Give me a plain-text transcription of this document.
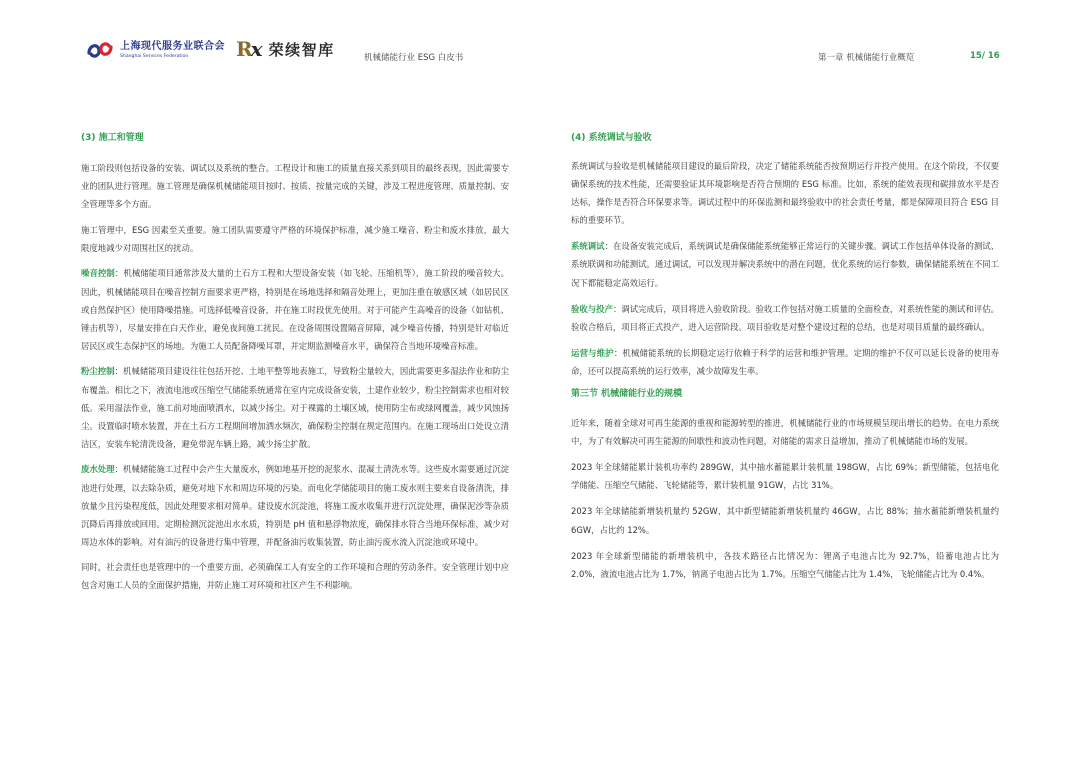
上海现代服务业联合会
Shanghai Services Federation	Rx 荣续智库	机械储能行业 ESG 白皮书	第一章 机械储能行业概览	15/ 16
(3) 施工和管理

施工阶段则包括设备的安装、调试以及系统的整合。工程设计和施工的质量直接关系到项目的最终表现，因此需要专业的团队进行管理。施工管理是确保机械储能项目按时、按质、按量完成的关键，涉及工程进度管理、质量控制、安全管理等多个方面。

施工管理中，ESG 因素至关重要。施工团队需要遵守严格的环境保护标准，减少施工噪音、粉尘和废水排放，最大限度地减少对周围社区的扰动。

噪音控制：机械储能项目通常涉及大量的土石方工程和大型设备安装（如飞轮、压缩机等），施工阶段的噪音较大。因此，机械储能项目在噪音控制方面要求更严格，特别是在场地选择和隔音处理上，更加注重在敏感区域（如居民区或自然保护区）使用降噪措施。可选择低噪音设备，并在施工时段优先使用。对于可能产生高噪音的设备（如钻机、锤击机等），尽量安排在白天作业，避免夜间施工扰民。在设备周围设置隔音屏障，减少噪音传播，特别是针对临近居民区或生态保护区的场地。为施工人员配备降噪耳罩，并定期监测噪音水平，确保符合当地环境噪音标准。

粉尘控制：机械储能项目建设往往包括开挖、土地平整等地表施工，导致粉尘量较大，因此需要更多湿法作业和防尘布覆盖。相比之下，液流电池或压缩空气储能系统通常在室内完成设备安装，土建作业较少，粉尘控制需求也相对较低。采用湿法作业，施工前对地面喷洒水，以减少扬尘。对于裸露的土壤区域，使用防尘布或绿网覆盖，减少风蚀扬尘。设置临时喷水装置，并在土石方工程期间增加洒水频次，确保粉尘控制在规定范围内。在施工现场出口处设立清洁区，安装车轮清洗设备，避免带泥车辆上路，减少扬尘扩散。

废水处理：机械储能施工过程中会产生大量废水，例如地基开挖的泥浆水、混凝土清洗水等。这些废水需要通过沉淀池进行处理，以去除杂质，避免对地下水和周边环境的污染。而电化学储能项目的施工废水则主要来自设备清洗，排放量少且污染程度低，因此处理要求相对简单。建设废水沉淀池，将施工废水收集并进行沉淀处理，确保泥沙等杂质沉降后再排放或回用。定期检测沉淀池出水水质，特别是 pH 值和悬浮物浓度，确保排水符合当地环保标准，减少对周边水体的影响。对有油污的设备进行集中管理，并配备油污收集装置，防止油污废水流入沉淀池或环境中。

同时，社会责任也是管理中的一个重要方面，必须确保工人有安全的工作环境和合理的劳动条件。安全管理计划中应包含对施工人员的全面保护措施，并防止施工对环境和社区产生不利影响。

(4) 系统调试与验收

系统调试与验收是机械储能项目建设的最后阶段，决定了储能系统能否按预期运行并投产使用。在这个阶段，不仅要确保系统的技术性能，还需要验证其环境影响是否符合预期的 ESG 标准。比如，系统的能效表现和碳排放水平是否达标，操作是否符合环保要求等。调试过程中的环保监测和最终验收中的社会责任考量，都是保障项目符合 ESG 目标的重要环节。

系统调试：在设备安装完成后，系统调试是确保储能系统能够正常运行的关键步骤。调试工作包括单体设备的测试、系统联调和功能测试。通过调试，可以发现并解决系统中的潜在问题，优化系统的运行参数，确保储能系统在不同工况下都能稳定高效运行。

验收与投产：调试完成后，项目将进入验收阶段。验收工作包括对施工质量的全面检查，对系统性能的测试和评估。验收合格后，项目将正式投产，进入运营阶段。项目验收是对整个建设过程的总结，也是对项目质量的最终确认。

运营与维护：机械储能系统的长期稳定运行依赖于科学的运营和维护管理。定期的维护不仅可以延长设备的使用寿命，还可以提高系统的运行效率，减少故障发生率。

第三节 机械储能行业的规模

近年来，随着全球对可再生能源的重视和能源转型的推进，机械储能行业的市场规模呈现出增长的趋势。在电力系统中，为了有效解决可再生能源的间歇性和波动性问题，对储能的需求日益增加，推动了机械储能市场的发展。

2023 年全球储能累计装机功率约 289GW，其中抽水蓄能累计装机量 198GW，占比 69%；新型储能，包括电化学储能、压缩空气储能、飞轮储能等，累计装机量 91GW，占比 31%。

2023 年全球储能新增装机量约 52GW，其中新型储能新增装机量约 46GW，占比 88%；抽水蓄能新增装机量约 6GW，占比约 12%。

2023 年全球新型储能的新增装机中，各技术路径占比情况为：锂离子电池占比为 92.7%，铅蓄电池占比为 2.0%，液流电池占比为 1.7%，钠离子电池占比为 1.7%。压缩空气储能占比为 1.4%，飞轮储能占比为 0.4%。
